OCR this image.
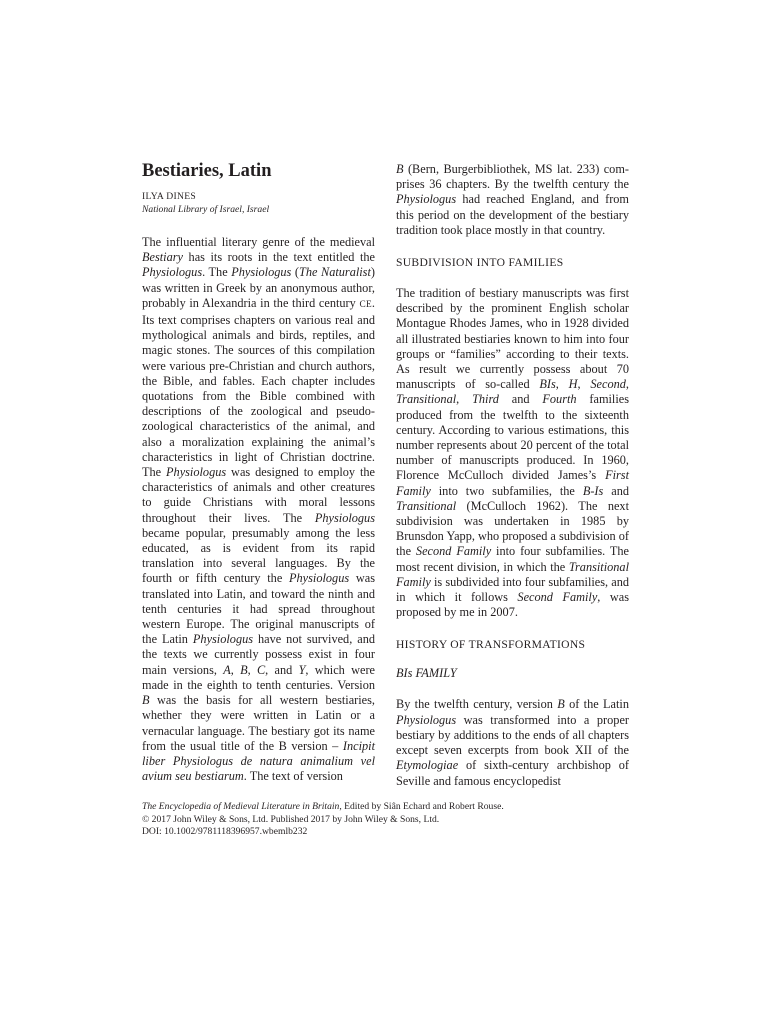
Bestiaries, Latin
ILYA DINES
National Library of Israel, Israel

The influential literary genre of the medieval Bestiary has its roots in the text entitled the Physiologus. The Physiologus (The Naturalist) was written in Greek by an anonymous author, probably in Alexandria in the third century CE. Its text comprises chapters on various real and mythological animals and birds, reptiles, and magic stones. The sources of this compilation were various pre-Christian and church authors, the Bible, and fables. Each chapter includes quotations from the Bible combined with descriptions of the zoological and pseudo-zoological characteristics of the animal, and also a moralization explaining the animal’s characteristics in light of Christian doctrine. The Physiologus was designed to employ the characteristics of animals and other creatures to guide Christians with moral lessons throughout their lives. The Physiologus became popular, presumably among the less educated, as is evident from its rapid translation into several languages. By the fourth or fifth century the Physiologus was translated into Latin, and toward the ninth and tenth centuries it had spread throughout western Europe. The original manuscripts of the Latin Physiologus have not survived, and the texts we currently possess exist in four main versions, A, B, C, and Y, which were made in the eighth to tenth centuries. Version B was the basis for all western bestiaries, whether they were written in Latin or a vernacular language. The bestiary got its name from the usual title of the B version – Incipit liber Physiologus de natura animalium vel avium seu bestiarum. The text of version

B (Bern, Burgerbibliothek, MS lat. 233) comprises 36 chapters. By the twelfth century the Physiologus had reached England, and from this period on the development of the bestiary tradition took place mostly in that country.

SUBDIVISION INTO FAMILIES

The tradition of bestiary manuscripts was first described by the prominent English scholar Montague Rhodes James, who in 1928 divided all illustrated bestiaries known to him into four groups or “families” according to their texts. As result we currently possess about 70 manuscripts of so-called BIs, H, Second, Transitional, Third and Fourth families produced from the twelfth to the sixteenth century. According to various estimations, this number represents about 20 percent of the total number of manuscripts produced. In 1960, Florence McCulloch divided James’s First Family into two subfamilies, the B-Is and Transitional (McCulloch 1962). The next subdivision was undertaken in 1985 by Brunsdon Yapp, who proposed a subdivision of the Second Family into four subfamilies. The most recent division, in which the Transitional Family is subdivided into four subfamilies, and in which it follows Second Family, was proposed by me in 2007.

HISTORY OF TRANSFORMATIONS
BIs FAMILY

By the twelfth century, version B of the Latin Physiologus was transformed into a proper bestiary by additions to the ends of all chapters except seven excerpts from book XII of the Etymologiae of sixth-century archbishop of Seville and famous encyclopedist

The Encyclopedia of Medieval Literature in Britain, Edited by Siân Echard and Robert Rouse.
© 2017 John Wiley & Sons, Ltd. Published 2017 by John Wiley & Sons, Ltd.
DOI: 10.1002/9781118396957.wbemlb232
